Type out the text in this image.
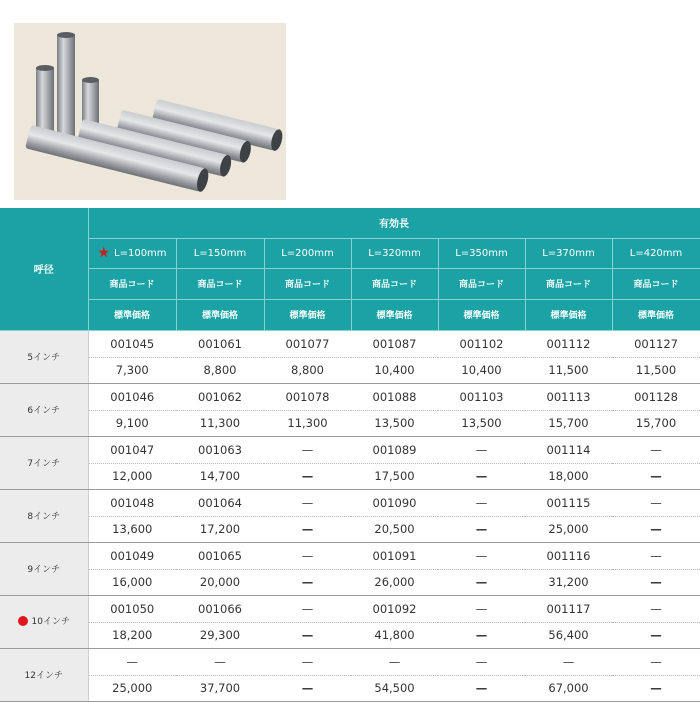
呼径	有効長						

	★ L=100mm	L=150mm	L=200mm	L=320mm	L=350mm	L=370mm	L=420mm

	商品コード	商品コード	商品コード	商品コード	商品コード	商品コード	商品コード
	標準価格	標準価格	標準価格	標準価格	標準価格	標準価格	標準価格

5インチ	001045	001061	001077	001087	001102	001112	001127
	7,300	8,800	8,800	10,400	10,400	11,500	11,500

6インチ	001046	001062	001078	001088	001103	001113	001128
	9,100	11,300	11,300	13,500	13,500	15,700	15,700

7インチ	001047	001063	—	001089	—	001114	—
	12,000	14,700	—	17,500	—	18,000	—

8インチ	001048	001064	—	001090	—	001115	—
	13,600	17,200	—	20,500	—	25,000	—

9インチ	001049	001065	—	001091	—	001116	—
	16,000	20,000	—	26,000	—	31,200	—

10インチ	001050	001066	—	001092	—	001117	—
	18,200	29,300	—	41,800	—	56,400	—

12インチ	—	—	—	—	—	—	—
	25,000	37,700	—	54,500	—	67,000	—
